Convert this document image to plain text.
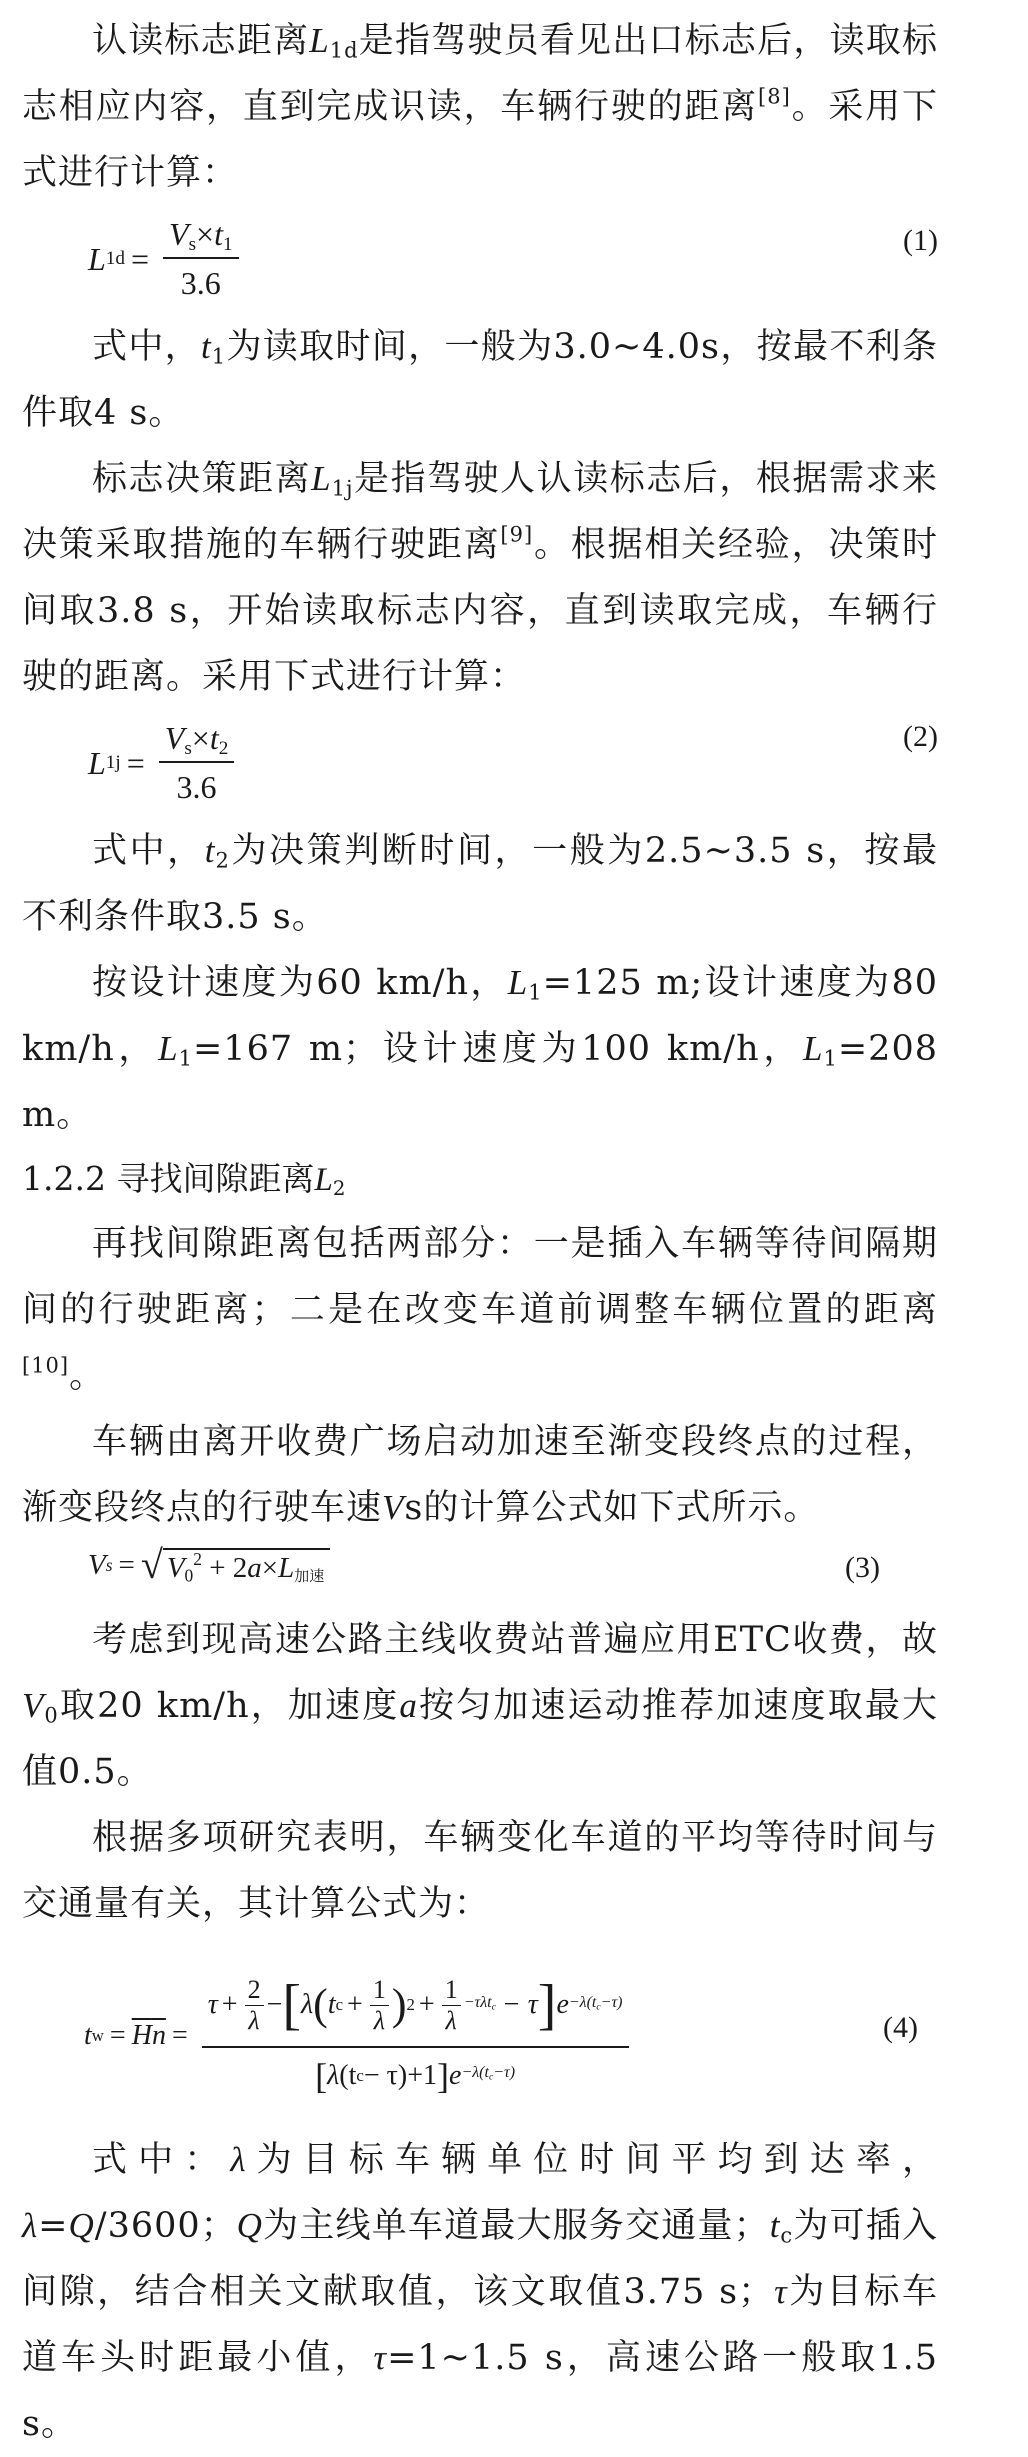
认读标志距离$L_{1d}$是指驾驶员看见出口标志后，读取标志相应内容，直到完成识读，车辆行驶的距离[8]。采用下式进行计算：

L $1d = \frac{V_s\times t_1}{3.6}$	(1)

式中，$t_1$为读取时间，一般为3.0~4.0s，按最不利条件取4 s。

标志决策距离$L_{1j}$是指驾驶人认读标志后，根据需求来决策采取措施的车辆行驶距离[9]。根据相关经验，决策时间取3.8 s，开始读取标志内容，直到读取完成，车辆行驶的距离。采用下式进行计算：

L $1j = \frac{V_s\times t_2}{3.6}$	(2)

式中，$t_2$为决策判断时间，一般为2.5~3.5 s，按最不利条件取3.5 s。

按设计速度为60 km/h，$L_1=125$ m;设计速度为80 km/h，$L_1=167$ m；设计速度为100 km/h，$L_1=208$ m。

1.2.2 寻找间隙距离$L_2$

再找间隙距离包括两部分：一是插入车辆等待间隔期间的行驶距离；二是在改变车道前调整车辆位置的距离[10]。

车辆由离开收费广场启动加速至渐变段终点的过程，渐变段终点的行驶车速Vs的计算公式如下式所示。

V s = √ $V_0^2 + 2a\times L_{加速}$	(3)

考虑到现高速公路主线收费站普遍应用ETC收费，故$V_0$取20 km/h，加速度a按匀加速运动推荐加速度取最大值0.5。

根据多项研究表明，车辆变化车道的平均等待时间与交通量有关，其计算公式为：

t $w = \overline{H}$ $\overline{n}$ =
$\tau + \frac{2}{\lambda}$ − [ λ ( t $c + \frac{1}{\lambda}$ ) $2 + \frac{1}{\lambda} -\tau\lambda t_c - \tau$ ] $e -\lambda(t_c-\tau)$
[ λ (t c − τ)+1 ] $e -\lambda(t_c-\tau)$
(4)

式中：λ为目标车辆单位时间平均到达率，λ=Q/3600；Q为主线单车道最大服务交通量；$t_c$为可插入间隙，结合相关文献取值，该文取值3.75 s；τ为目标车道车头时距最小值，τ=1~1.5 s，高速公路一般取1.5 s。
